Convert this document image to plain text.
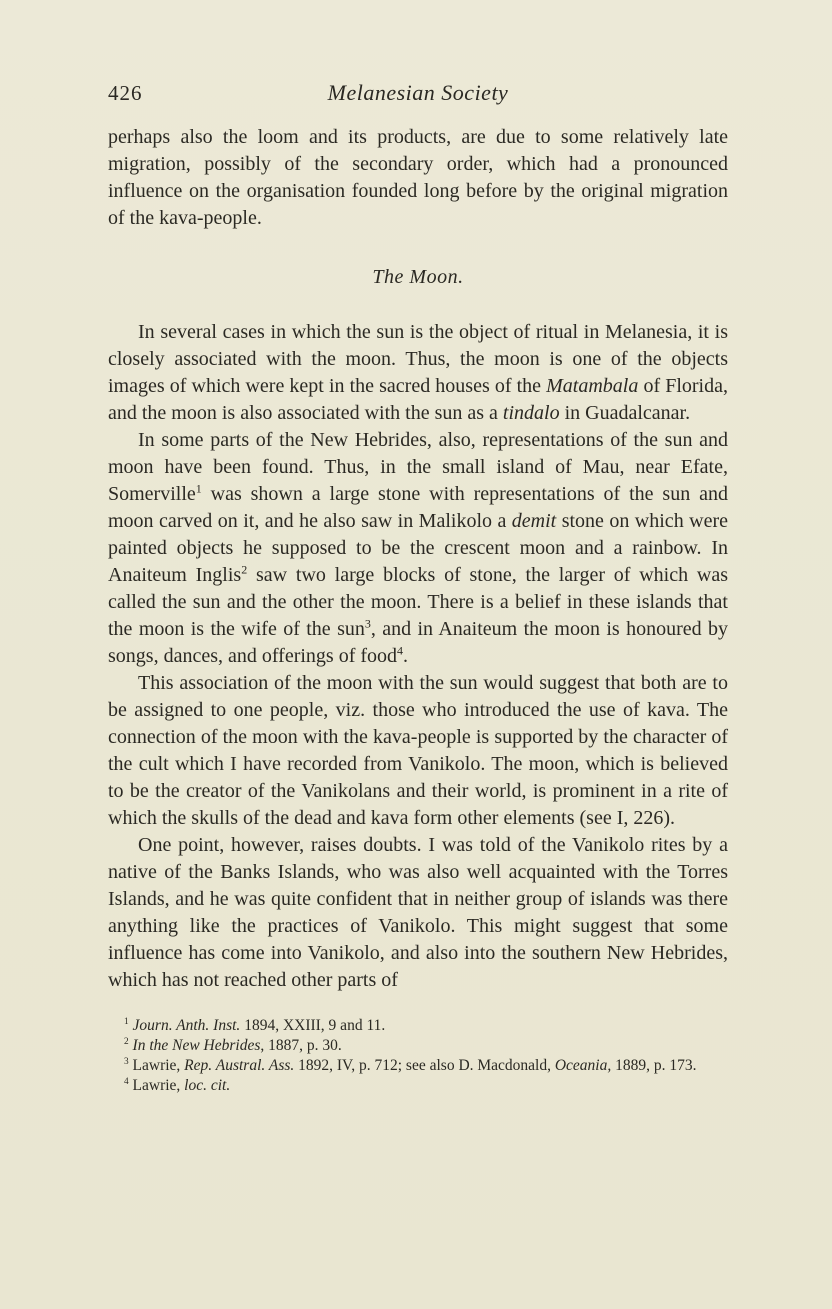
426	Melanesian Society

perhaps also the loom and its products, are due to some relatively late migration, possibly of the secondary order, which had a pronounced influence on the organisation founded long before by the original migration of the kava-people.

The Moon.

In several cases in which the sun is the object of ritual in Melanesia, it is closely associated with the moon. Thus, the moon is one of the objects images of which were kept in the sacred houses of the Matambala of Florida, and the moon is also associated with the sun as a tindalo in Guadalcanar.

In some parts of the New Hebrides, also, representations of the sun and moon have been found. Thus, in the small island of Mau, near Efate, Somerville$^1$ was shown a large stone with representations of the sun and moon carved on it, and he also saw in Malikolo a demit stone on which were painted objects he supposed to be the crescent moon and a rainbow. In Anaiteum Inglis$^2$ saw two large blocks of stone, the larger of which was called the sun and the other the moon. There is a belief in these islands that the moon is the wife of the sun$^3$, and in Anaiteum the moon is honoured by songs, dances, and offerings of food$^4$.

This association of the moon with the sun would suggest that both are to be assigned to one people, viz. those who introduced the use of kava. The connection of the moon with the kava-people is supported by the character of the cult which I have recorded from Vanikolo. The moon, which is believed to be the creator of the Vanikolans and their world, is prominent in a rite of which the skulls of the dead and kava form other elements (see I, 226).

One point, however, raises doubts. I was told of the Vanikolo rites by a native of the Banks Islands, who was also well acquainted with the Torres Islands, and he was quite confident that in neither group of islands was there anything like the practices of Vanikolo. This might suggest that some influence has come into Vanikolo, and also into the southern New Hebrides, which has not reached other parts of

$^1$ Journ. Anth. Inst. 1894, XXIII, 9 and 11.

$^2$ In the New Hebrides, 1887, p. 30.

$^3$ Lawrie, Rep. Austral. Ass. 1892, IV, p. 712; see also D. Macdonald, Oceania, 1889, p. 173.

$^4$ Lawrie, loc. cit.
